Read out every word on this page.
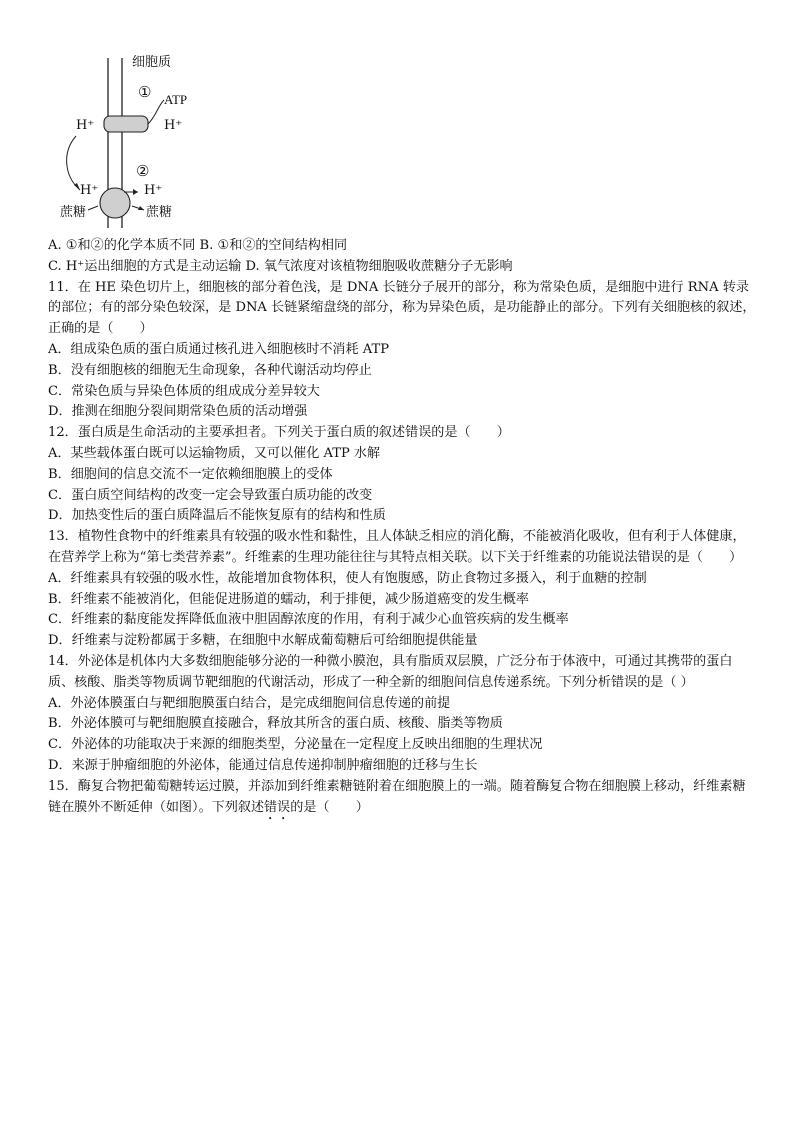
细胞质
① ATP
H⁺	H⁺
②
H⁺	H⁺
蔗糖	蔗糖
A. ①和②的化学本质不同 B. ①和②的空间结构相同
C. H⁺运出细胞的方式是主动运输 D. 氧气浓度对该植物细胞吸收蔗糖分子无影响
11．在 HE 染色切片上，细胞核的部分着色浅，是 DNA 长链分子展开的部分，称为常染色质，是细胞中进行 RNA 转录的部位；有的部分染色较深，是 DNA 长链紧缩盘绕的部分，称为异染色质，是功能静止的部分。下列有关细胞核的叙述，正确的是（　　）
A．组成染色质的蛋白质通过核孔进入细胞核时不消耗 ATP
B．没有细胞核的细胞无生命现象，各种代谢活动均停止
C．常染色质与异染色体质的组成成分差异较大
D．推测在细胞分裂间期常染色质的活动增强
12．蛋白质是生命活动的主要承担者。下列关于蛋白质的叙述错误的是（　　）
A．某些载体蛋白既可以运输物质，又可以催化 ATP 水解
B．细胞间的信息交流不一定依赖细胞膜上的受体
C．蛋白质空间结构的改变一定会导致蛋白质功能的改变
D．加热变性后的蛋白质降温后不能恢复原有的结构和性质
13．植物性食物中的纤维素具有较强的吸水性和黏性，且人体缺乏相应的消化酶，不能被消化吸收，但有利于人体健康，在营养学上称为“第七类营养素”。纤维素的生理功能往往与其特点相关联。以下关于纤维素的功能说法错误的是（　　）
A．纤维素具有较强的吸水性，故能增加食物体积，使人有饱腹感，防止食物过多摄入，利于血糖的控制
B．纤维素不能被消化，但能促进肠道的蠕动，利于排便，减少肠道癌变的发生概率
C．纤维素的黏度能发挥降低血液中胆固醇浓度的作用，有利于减少心血管疾病的发生概率
D．纤维素与淀粉都属于多糖，在细胞中水解成葡萄糖后可给细胞提供能量
14．外泌体是机体内大多数细胞能够分泌的一种微小膜泡，具有脂质双层膜，广泛分布于体液中，可通过其携带的蛋白质、核酸、脂类等物质调节靶细胞的代谢活动，形成了一种全新的细胞间信息传递系统。下列分析错误的是（ ）
A．外泌体膜蛋白与靶细胞膜蛋白结合，是完成细胞间信息传递的前提
B．外泌体膜可与靶细胞膜直接融合，释放其所含的蛋白质、核酸、脂类等物质
C．外泌体的功能取决于来源的细胞类型，分泌量在一定程度上反映出细胞的生理状况
D．来源于肿瘤细胞的外泌体，能通过信息传递抑制肿瘤细胞的迁移与生长
15．酶复合物把葡萄糖转运过膜，并添加到纤维素糖链附着在细胞膜上的一端。随着酶复合物在细胞膜上移动，纤维素糖链在膜外不断延伸（如图）。下列叙述错误的是（　　）
